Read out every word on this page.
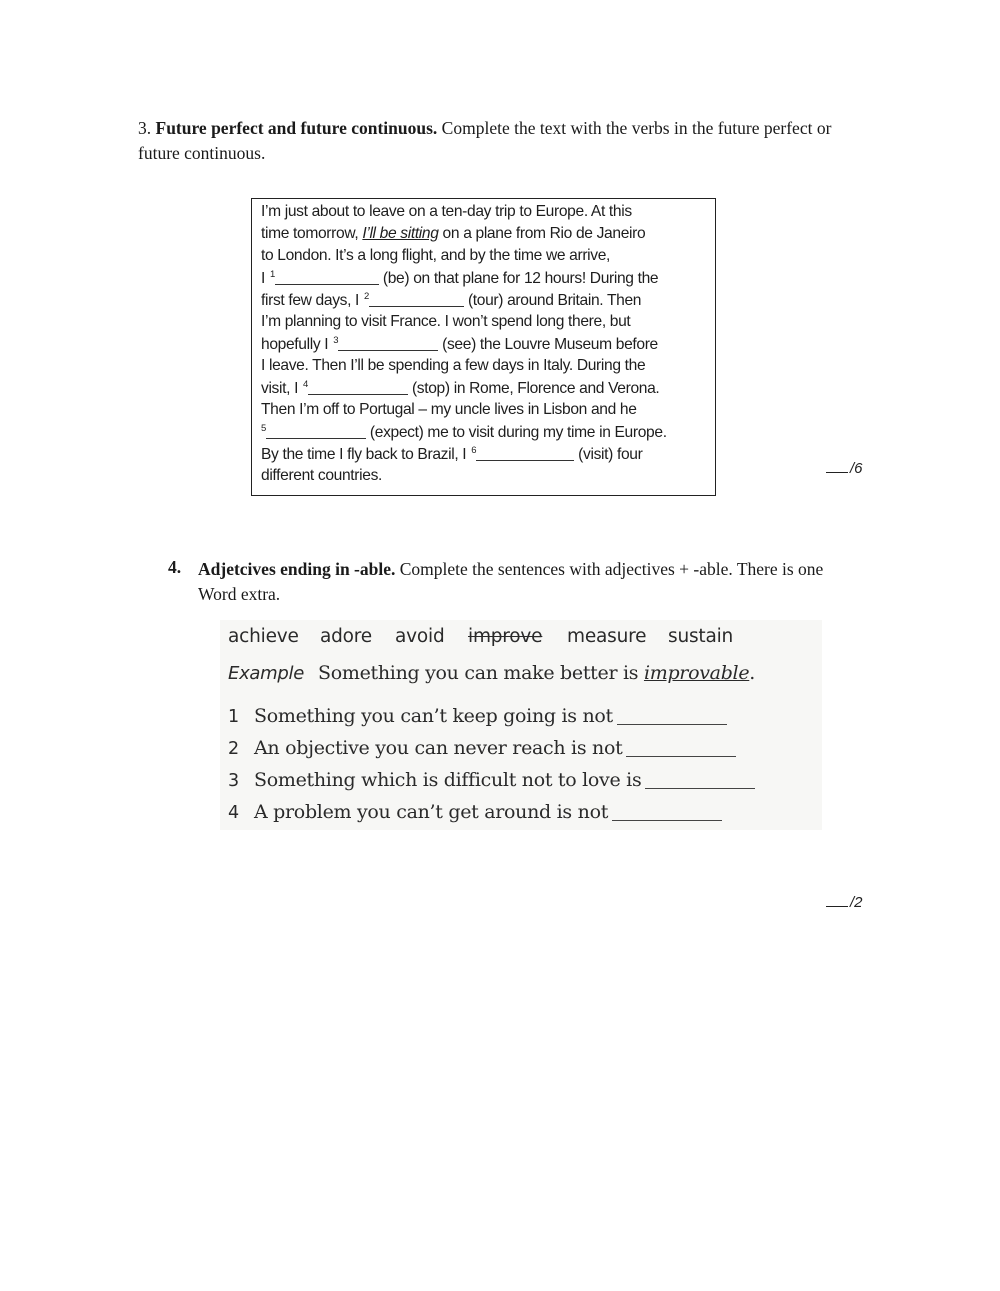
3. Future perfect and future continuous. Complete the text with the verbs in the future perfect or future continuous.
I’m just about to leave on a ten-day trip to Europe. At this
time tomorrow, I’ll be sitting on a plane from Rio de Janeiro
to London. It’s a long flight, and by the time we arrive,
I $^1$	(be) on that plane for 12 hours! During the
first few days, I $^2$	(tour) around Britain. Then
I’m planning to visit France. I won’t spend long there, but
hopefully I $^3$	(see) the Louvre Museum before
I leave. Then I’ll be spending a few days in Italy. During the
visit, I $^4$	(stop) in Rome, Florence and Verona.
Then I’m off to Portugal – my uncle lives in Lisbon and he
$^5$	(expect) me to visit during my time in Europe.
By the time I fly back to Brazil, I $^6$	(visit) four
different countries.	/6
4. Adjetcives ending in -able. Complete the sentences with adjectives + -able. There is one Word extra.
achieve adore avoid improve measure sustain
Example Something you can make better is improvable.
1 Something you can’t keep going is not
2 An objective you can never reach is not
3 Something which is difficult not to love is
4 A problem you can’t get around is not
/2
